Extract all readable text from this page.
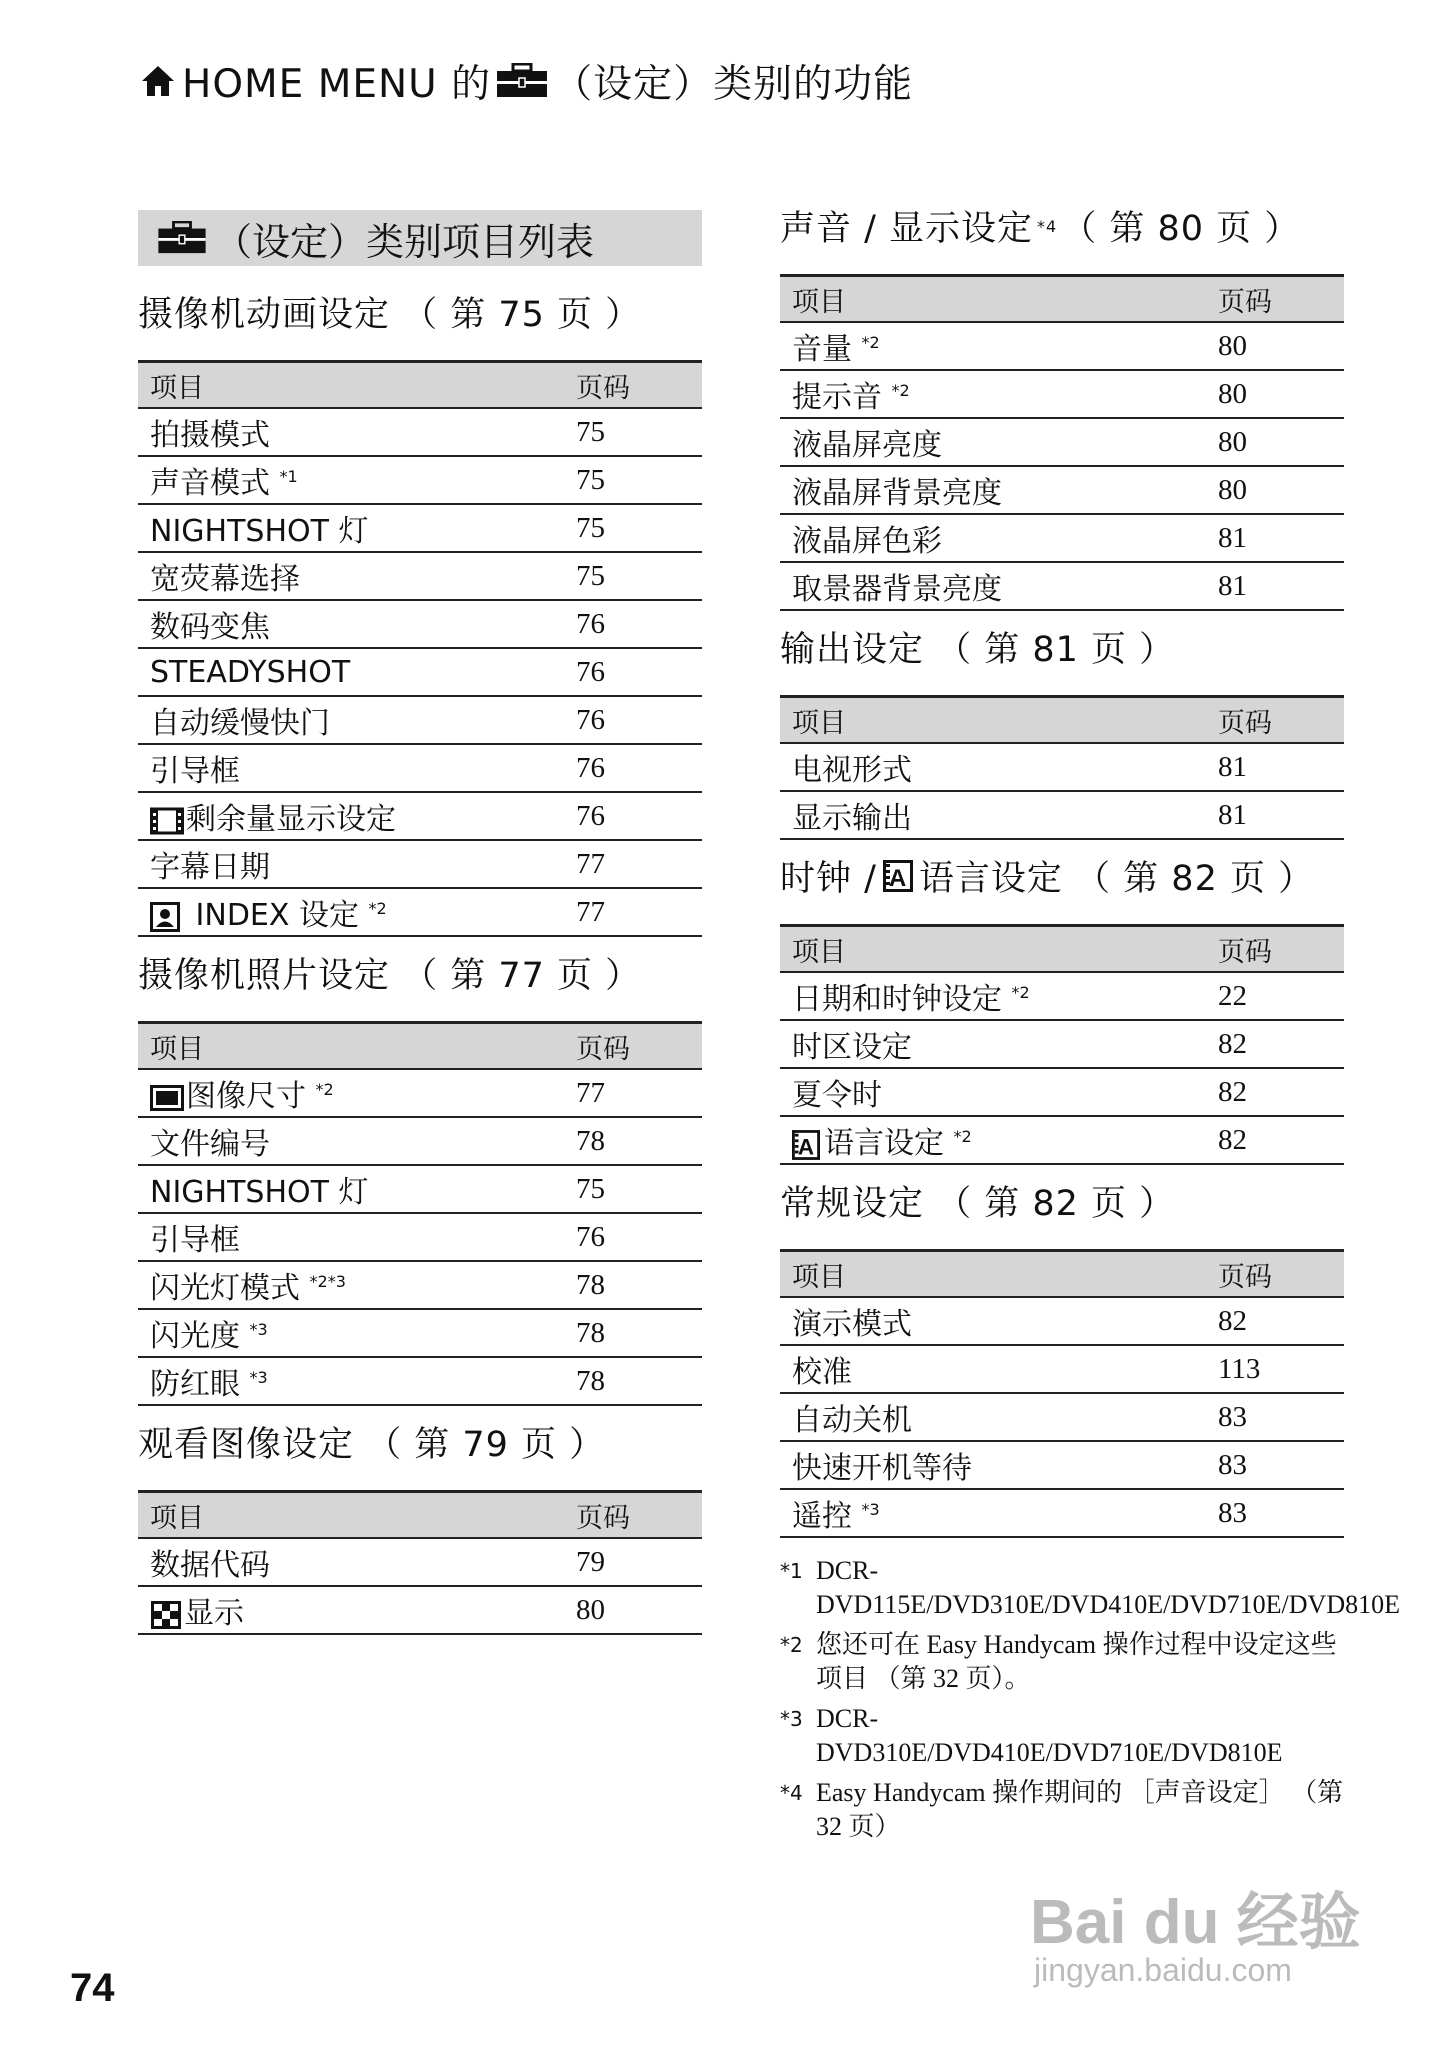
HOME MENU 的 （设定）类别的功能
（设定）类别项目列表
摄像机动画设定 （ 第 75 页 ）
项目	页码
拍摄模式	75
声音模式 $^{*1}$	75
NIGHTSHOT 灯	75
宽荧幕选择	75
数码变焦	76
STEADYSHOT	76
自动缓慢快门	76
引导框	76
剩余量显示设定	76
字幕日期	77
INDEX 设定 $^{*2}$	77
摄像机照片设定 （ 第 77 页 ）
项目	页码
图像尺寸 $^{*2}$	77
文件编号	78
NIGHTSHOT 灯	75
引导框	76
闪光灯模式 $^{*2*3}$	78
闪光度 $^{*3}$	78
防红眼 $^{*3}$	78
观看图像设定 （ 第 79 页 ）
项目	页码
数据代码	79
显示	80
声音 / 显示设定 *4 （ 第 80 页 ）
项目	页码
音量 $^{*2}$	80
提示音 $^{*2}$	80
液晶屏亮度	80
液晶屏背景亮度	80
液晶屏色彩	81
取景器背景亮度	81
输出设定 （ 第 81 页 ）
项目	页码
电视形式	81
显示输出	81
时钟 / 语言设定 （ 第 82 页 ）
项目	页码
日期和时钟设定 $^{*2}$	22
时区设定	82
夏令时	82
语言设定 $^{*2}$	82
常规设定 （ 第 82 页 ）
项目	页码
演示模式	82
校准	113
自动关机	83
快速开机等待	83
遥控 $^{*3}$	83
*1 DCR-DVD115E/DVD310E/DVD410E/DVD710E/DVD810E
*2 您还可在 Easy Handycam 操作过程中设定这些项目 （第 32 页）。
*3 DCR-DVD310E/DVD410E/DVD710E/DVD810E
*4 Easy Handycam 操作期间的 ［声音设定］ （第 32 页）
Bai du 经验
jingyan.baidu.com
74
